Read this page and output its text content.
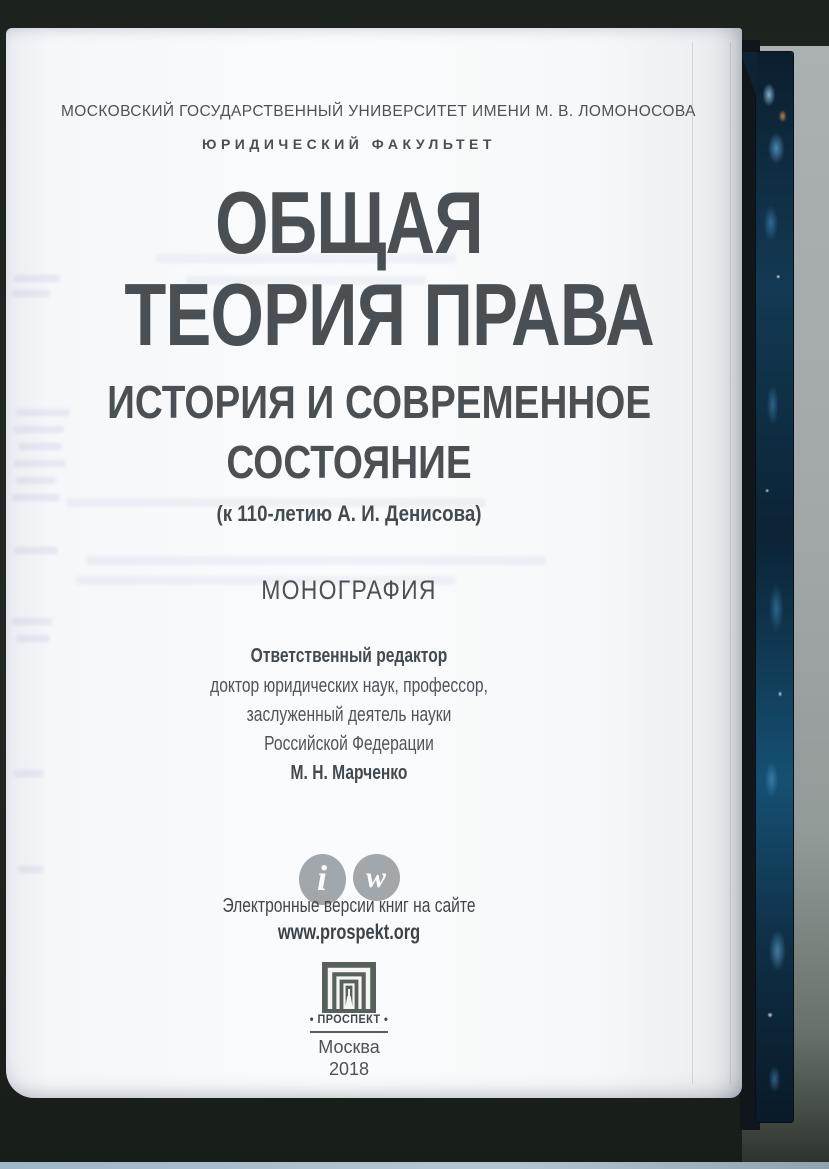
МОСКОВСКИЙ ГОСУДАРСТВЕННЫЙ УНИВЕРСИТЕТ ИМЕНИ М. В. ЛОМОНОСОВА
ЮРИДИЧЕСКИЙ ФАКУЛЬТЕТ
ОБЩАЯ
ТЕОРИЯ ПРАВА
ИСТОРИЯ И СОВРЕМЕННОЕ
СОСТОЯНИЕ
(к 110-летию А. И. Денисова)
МОНОГРАФИЯ
Ответственный редактор
доктор юридических наук, профессор,
заслуженный деятель науки
Российской Федерации
М. Н. Марченко
i	w
Электронные версии книг на сайте
www.prospekt.org
• ПРОСПЕКТ •
Москва
2018
